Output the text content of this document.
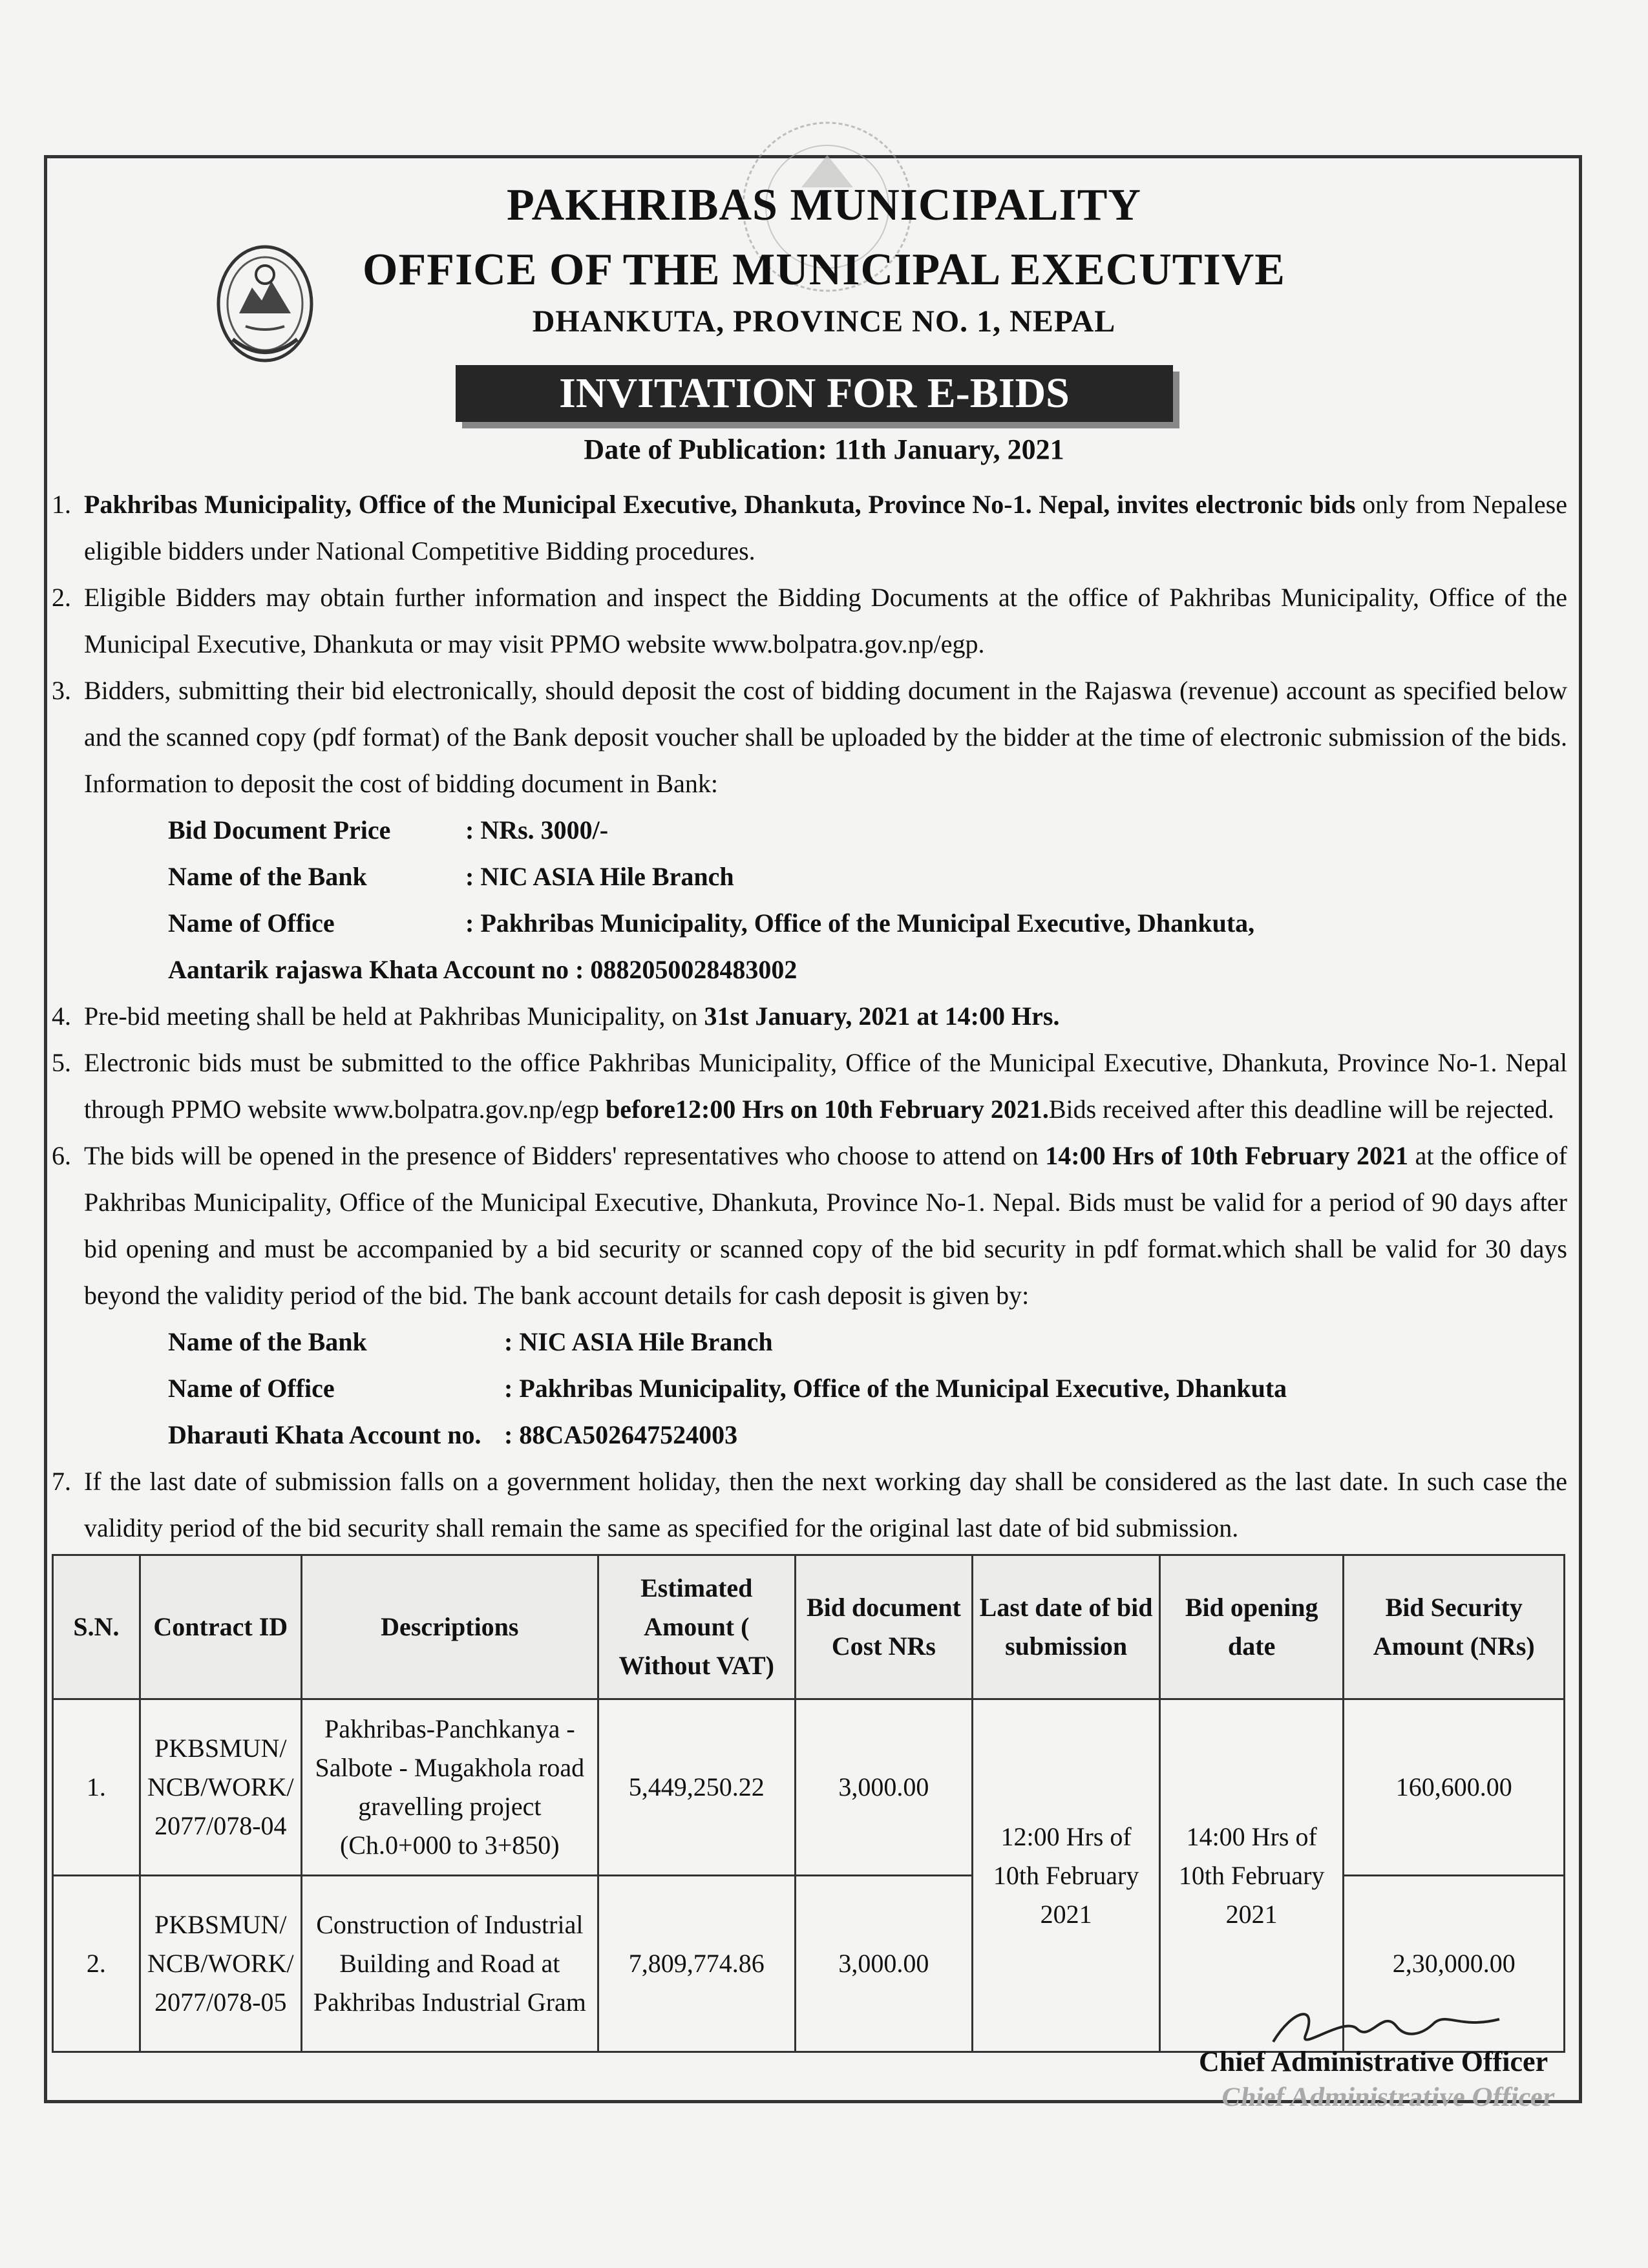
PAKHRIBAS MUNICIPALITY
OFFICE OF THE MUNICIPAL EXECUTIVE
DHANKUTA, PROVINCE NO. 1, NEPAL
INVITATION FOR E-BIDS
Date of Publication: 11th January, 2021
1. Pakhribas Municipality, Office of the Municipal Executive, Dhankuta, Province No-1. Nepal, invites electronic bids only from Nepalese eligible bidders under National Competitive Bidding procedures.
2. Eligible Bidders may obtain further information and inspect the Bidding Documents at the office of Pakhribas Municipality, Office of the Municipal Executive, Dhankuta or may visit PPMO website www.bolpatra.gov.np/egp.
3. Bidders, submitting their bid electronically, should deposit the cost of bidding document in the Rajaswa (revenue) account as specified below and the scanned copy (pdf format) of the Bank deposit voucher shall be uploaded by the bidder at the time of electronic submission of the bids. Information to deposit the cost of bidding document in Bank:
Bid Document Price	: NRs. 3000/-
Name of the Bank	: NIC ASIA Hile Branch
Name of Office	: Pakhribas Municipality, Office of the Municipal Executive, Dhankuta,
Aantarik rajaswa Khata Account no
: 0882050028483002
4. Pre-bid meeting shall be held at Pakhribas Municipality, on 31st January, 2021 at 14:00 Hrs.
5. Electronic bids must be submitted to the office Pakhribas Municipality, Office of the Municipal Executive, Dhankuta, Province No-1. Nepal through PPMO website www.bolpatra.gov.np/egp before12:00 Hrs on 10th February 2021.Bids received after this deadline will be rejected.
6. The bids will be opened in the presence of Bidders' representatives who choose to attend on 14:00 Hrs of 10th February 2021 at the office of Pakhribas Municipality, Office of the Municipal Executive, Dhankuta, Province No-1. Nepal. Bids must be valid for a period of 90 days after bid opening and must be accompanied by a bid security or scanned copy of the bid security in pdf format.which shall be valid for 30 days beyond the validity period of the bid. The bank account details for cash deposit is given by:
Name of the Bank	: NIC ASIA Hile Branch
Name of Office	: Pakhribas Municipality, Office of the Municipal Executive, Dhankuta
Dharauti Khata Account no. : 88CA502647524003
7. If the last date of submission falls on a government holiday, then the next working day shall be considered as the last date. In such case the validity period of the bid security shall remain the same as specified for the original last date of bid submission.
S.N.	Contract ID	Descriptions	Estimated Amount ( Without VAT)	Bid document Cost NRs	Last date of bid submission	Bid opening date	Bid Security Amount (NRs)
1.	PKBSMUN/ NCB/WORK/ 2077/078-04	Pakhribas-Panchkanya - Salbote - Mugakhola road gravelling project (Ch.0+000 to 3+850)	5,449,250.22	3,000.00	12:00 Hrs of 10th February 2021	14:00 Hrs of 10th February 2021	160,600.00
2.	PKBSMUN/ NCB/WORK/ 2077/078-05	Construction of Industrial Building and Road at Pakhribas Industrial Gram	7,809,774.86	3,000.00			2,30,000.00
Chief Administrative Officer
Chief Administrative Officer
